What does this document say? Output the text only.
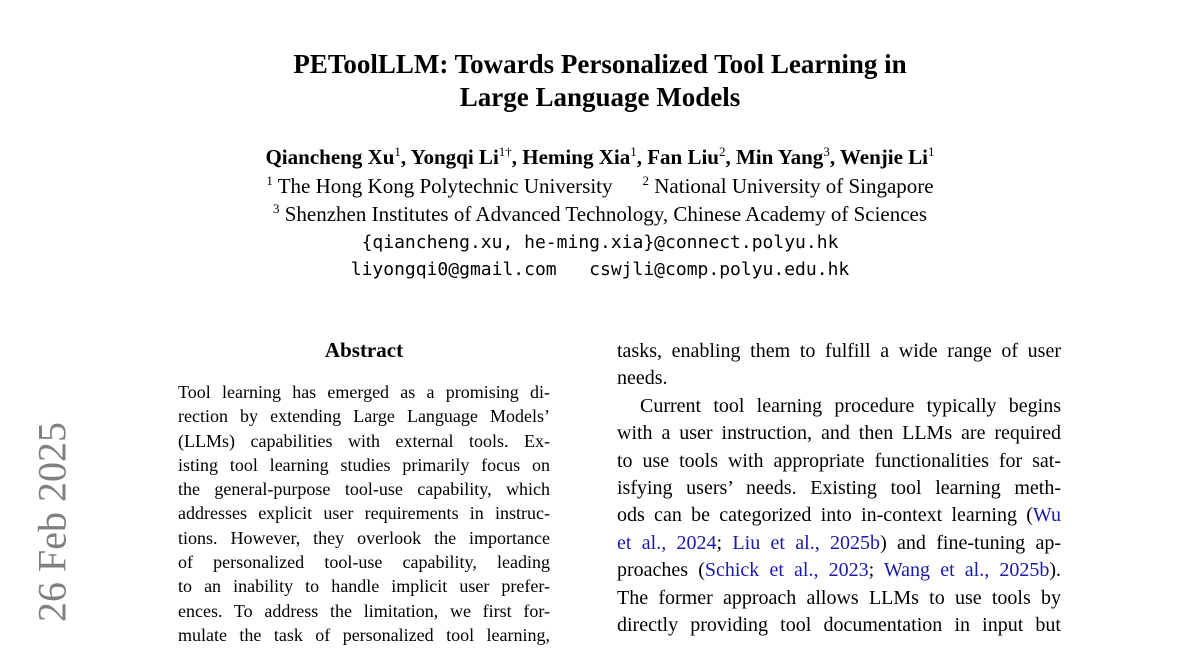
PEToolLLM: Towards Personalized Tool Learning in
Large Language Models
Qiancheng Xu$^1$, Yongqi $Li^{1\dagger}$, Heming Xia$^1$, Fan Liu$^2$, Min Yang$^3$, Wenjie Li$^1$
$^1$ The Hong Kong Polytechnic University $^2$ National University of Singapore
$^3$ Shenzhen Institutes of Advanced Technology, Chinese Academy of Sciences
{qiancheng.xu, he-ming.xia}@connect.polyu.hk
liyongqi0@gmail.com cswjli@comp.polyu.edu.hk
Abstract
Tool learning has emerged as a promising di-
rection by extending Large Language Models’
(LLMs) capabilities with external tools. Ex-
isting tool learning studies primarily focus on
the general-purpose tool-use capability, which
addresses explicit user requirements in instruc-
tions. However, they overlook the importance
of personalized tool-use capability, leading
to an inability to handle implicit user prefer-
ences. To address the limitation, we first for-
mulate the task of personalized tool learning,
tasks, enabling them to fulfill a wide range of user
needs.
Current tool learning procedure typically begins
with a user instruction, and then LLMs are required
to use tools with appropriate functionalities for sat-
isfying users’ needs. Existing tool learning meth-
ods can be categorized into in-context learning (Wu
et al., 2024; Liu et al., 2025b) and fine-tuning ap-
proaches (Schick et al., 2023; Wang et al., 2025b).
The former approach allows LLMs to use tools by
directly providing tool documentation in input but
26 Feb 2025
